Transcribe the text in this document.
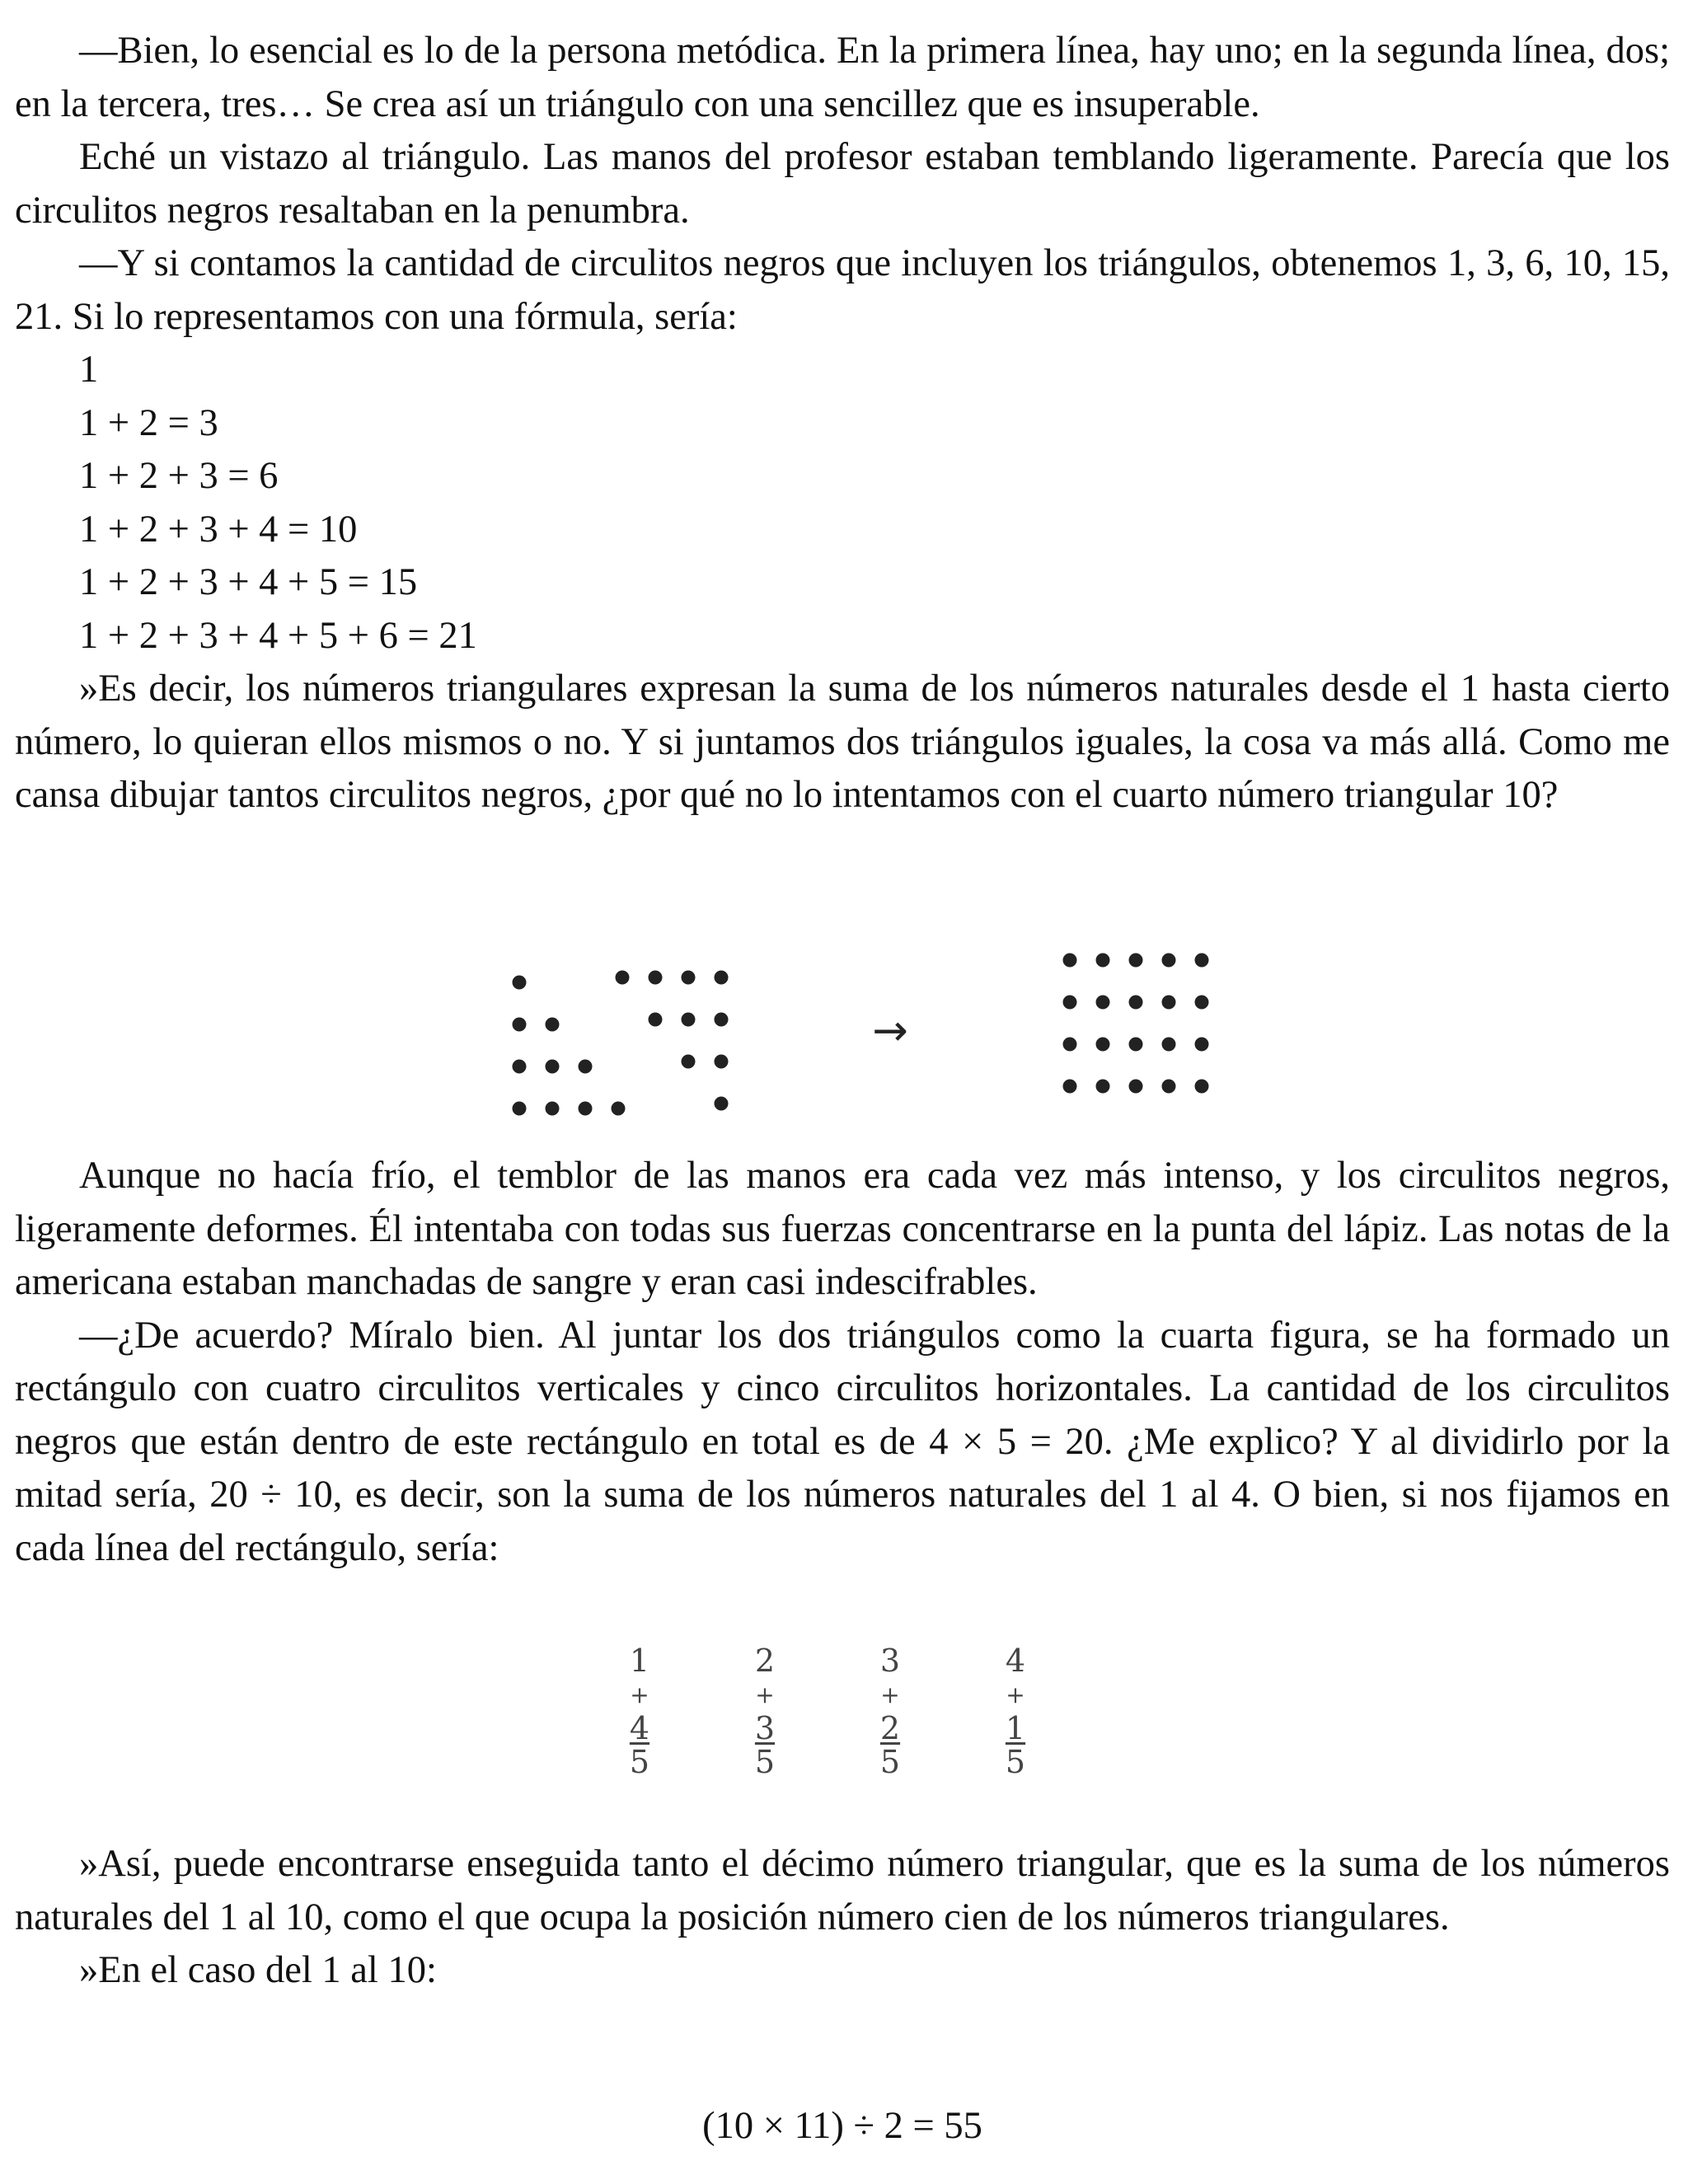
—Bien, lo esencial es lo de la persona metódica. En la primera línea, hay uno; en la segunda línea, dos; en la tercera, tres… Se crea así un triángulo con una sencillez que es insuperable.

Eché un vistazo al triángulo. Las manos del profesor estaban temblando ligeramente. Parecía que los circulitos negros resaltaban en la penumbra.

—Y si contamos la cantidad de circulitos negros que incluyen los triángulos, obtenemos 1, 3, 6, 10, 15, 21. Si lo representamos con una fórmula, sería:

1
1 + 2 = 3
1 + 2 + 3 = 6
1 + 2 + 3 + 4 = 10
1 + 2 + 3 + 4 + 5 = 15
1 + 2 + 3 + 4 + 5 + 6 = 21

»Es decir, los números triangulares expresan la suma de los números naturales desde el 1 hasta cierto número, lo quieran ellos mismos o no. Y si juntamos dos triángulos iguales, la cosa va más allá. Como me cansa dibujar tantos circulitos negros, ¿por qué no lo intentamos con el cuarto número triangular 10?

→

Aunque no hacía frío, el temblor de las manos era cada vez más intenso, y los circulitos negros, ligeramente deformes. Él intentaba con todas sus fuerzas concentrarse en la punta del lápiz. Las notas de la americana estaban manchadas de sangre y eran casi indescifrables.

—¿De acuerdo? Míralo bien. Al juntar los dos triángulos como la cuarta figura, se ha formado un rectángulo con cuatro circulitos verticales y cinco circulitos horizontales. La cantidad de los circulitos negros que están dentro de este rectángulo en total es de 4 × 5 = 20. ¿Me explico? Y al dividirlo por la mitad sería, 20 ÷ 10, es decir, son la suma de los números naturales del 1 al 4. O bien, si nos fijamos en cada línea del rectángulo, sería:

1
+
4
5
2
+
3
5
3
+
2
5
4
+
1
5

»Así, puede encontrarse enseguida tanto el décimo número triangular, que es la suma de los números naturales del 1 al 10, como el que ocupa la posición número cien de los números triangulares.

»En el caso del 1 al 10:

(10 × 11) ÷ 2 = 55
